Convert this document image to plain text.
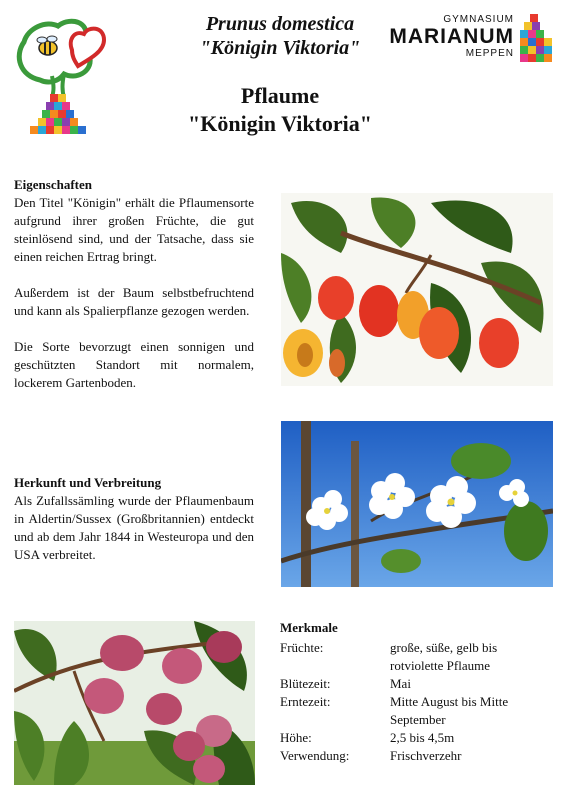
Prunus domestica
"Königin Viktoria"
Pflaume
"Königin Viktoria"
GYMNASIUM
MARIANUM
MEPPEN
Eigenschaften

Den Titel "Königin" erhält die Pflaumensorte aufgrund ihrer großen Früchte, die gut steinlösend sind, und der Tatsache, dass sie einen reichen Ertrag bringt.

Außerdem ist der Baum selbstbefruchtend und kann als Spalierpflanze gezogen werden.

Die Sorte bevorzugt einen sonnigen und geschützten Standort mit normalem, lockerem Gartenboden.

Herkunft und Verbreitung

Als Zufallssämling wurde der Pflaumenbaum in Aldertin/Sussex (Großbritannien) entdeckt und ab dem Jahr 1844 in Westeuropa und den USA verbreitet.

Merkmale
Früchte:	große, süße, gelb bis rotviolette Pflaume
Blütezeit:	Mai
Erntezeit:	Mitte August bis Mitte September
Höhe:	2,5 bis 4,5m
Verwendung:	Frischverzehr
